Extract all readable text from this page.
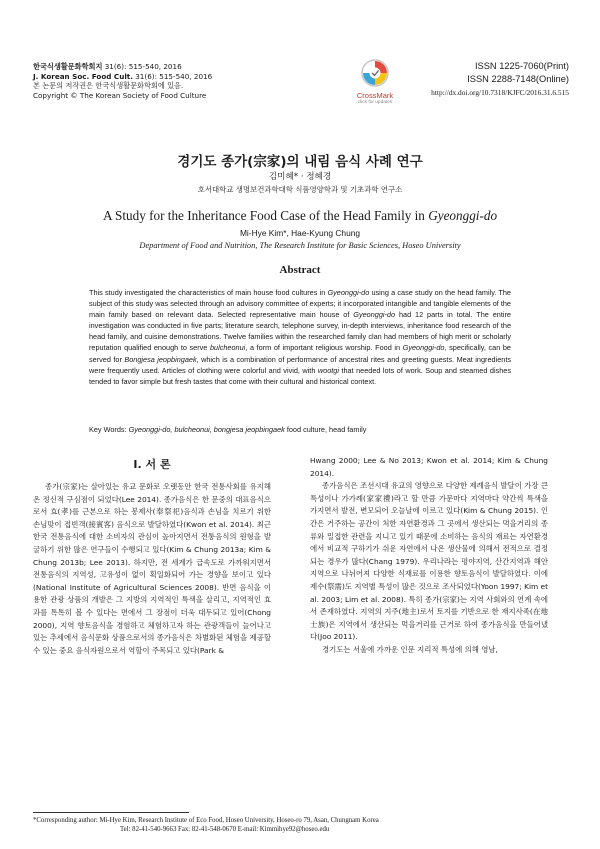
한국식생활문화학회지 31(6): 515-540, 2016
J. Korean Soc. Food Cult. 31(6): 515-540, 2016
본 논문의 저작권은 한국식생활문화학회에 있음.
Copyright © The Korean Society of Food Culture	CrossMark
click for updates
ISSN 1225-7060(Print)
ISSN 2288-7148(Online)
http://dx.doi.org/10.7318/KJFC/2016.31.6.515
경기도 종가(宗家)의 내림 음식 사례 연구
김미혜* · 정혜경
호서대학교 생명보건과학대학 식품영양학과 및 기초과학 연구소
A Study for the Inheritance Food Case of the Head Family in Gyeonggi-do
Mi-Hye Kim*, Hae-Kyung Chung
Department of Food and Nutrition, The Research Institute for Basic Sciences, Hoseo University
Abstract

This study investigated the characteristics of main house food cultures in Gyeonggi-do using a case study on the head family. The subject of this study was selected through an advisory committee of experts; it incorporated intangible and tangible elements of the main family based on relevant data. Selected representative main house of Gyeonggi-do had 12 parts in total. The entire investigation was conducted in five parts; literature search, telephone survey, in-depth interviews, inheritance food research of the head family, and cuisine demonstrations. Twelve families within the researched family clan had members of high merit or scholarly reputation qualified enough to serve bulcheonui, a form of important religious worship. Food in Gyeonggi-do, specifically, can be served for Bongjesa jeopbingaek, which is a combination of performance of ancestral rites and greeting guests. Meat ingredients were frequently used. Articles of clothing were colorful and vivid, with wootgi that needed lots of work. Soup and steamed dishes tended to favor simple but fresh tastes that come with their cultural and historical context.

Key Words: Gyeonggi-do, bulcheonui, bongjesa jeopbingaek food culture, head family
Ⅰ. 서 론

종가(宗家)는 살아있는 유교 문화로 오랫동안 한국 전통사회를 유지해온 정신적 구심점이 되었다(Lee 2014). 종가음식은 한 문중의 대표음식으로서 효(孝)를 근본으로 하는 봉제사(奉祭祀)음식과 손님을 치르기 위한 손님맞이 접빈객(接賓客) 음식으로 발달하였다(Kwon et al. 2014). 최근 한국 전통음식에 대한 소비자의 관심이 높아지면서 전통음식의 원형을 발굴하기 위한 많은 연구들이 수행되고 있다(Kim & Chung 2013a; Kim & Chung 2013b; Lee 2013). 하지만, 전 세계가 급속도로 가까워지면서 전통음식의 지역성, 고유성이 없이 획일화되어 가는 경향을 보이고 있다(National Institute of Agricultural Sciences 2008). 반면 음식을 이용한 관광 상품의 개발은 그 지방의 지역적인 특색을 살리고, 지역적인 효과를 톡톡히 볼 수 있다는 면에서 그 장점이 더욱 대두되고 있어(Chong 2000), 지역 향토음식을 경험하고 체험하고자 하는 관광객들이 늘어나고 있는 추세에서 음식문화 상품으로서의 종가음식은 차별화된 체험을 제공할 수 있는 중요 음식자원으로서 역할이 주목되고 있다(Park &

Hwang 2000; Lee & No 2013; Kwon et al. 2014; Kim & Chung 2014).

종가음식은 조선시대 유교의 영향으로 다양한 제례음식 발달이 가장 큰 특성이나 가가례(家家禮)라고 할 만큼 가문마다 지역마다 약간씩 특색을 가지면서 발전, 변모되어 오늘날에 이르고 있다(Kim & Chung 2015). 인간은 거주하는 공간이 처한 자연환경과 그 곳에서 생산되는 먹을거리의 종류와 밀접한 관련을 지니고 있기 때문에 소비하는 음식의 재료는 자연환경에서 비교적 구하기가 쉬운 자연에서 나온 생산물에 의해서 전적으로 결정되는 경우가 많다(Chang 1979). 우리나라는 평야지역, 산간지역과 해안지역으로 나뉘어져 다양한 식재료를 이용한 향토음식이 발달하였다. 이에 제수(祭需)도 지역별 특성이 많은 것으로 조사되었다(Yoon 1997; Kim et al. 2003; Lim et al. 2008). 특히 종가(宗家)는 지역 사회와의 연계 속에서 존재하였다. 지역의 지주(地主)로서 토지를 기반으로 한 재지사족(在地士族)은 지역에서 생산되는 먹을거리를 근거로 하여 종가음식을 만들어냈다(Joo 2011).

경기도는 서울에 가까운 인문 지리적 특성에 의해 영남,

*Corresponding author: Mi-Hye Kim, Research Institute of Eco Food, Hoseo University, Hoseo-ro 79, Asan, Chungnam Korea
Tel: 82-41-540-9663 Fax: 82-41-548-0670 E-mail: Kimmihye92@hoseo.edu
